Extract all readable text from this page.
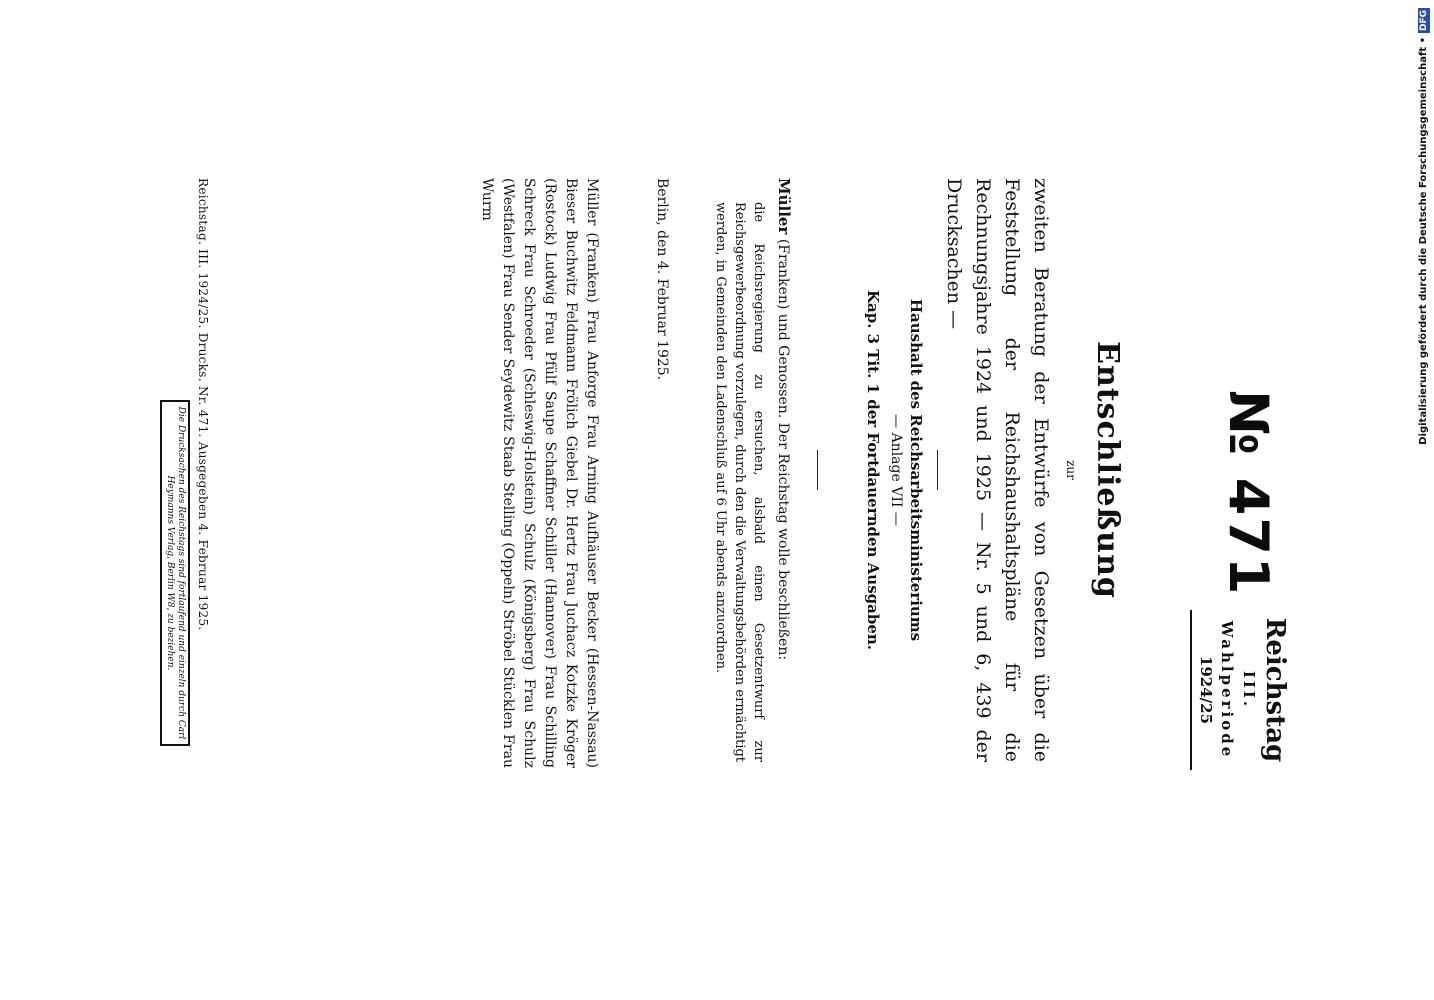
№ 471
Reichstag
III. Wahlperiode
1924/25
Entschließung
zur
zweiten Beratung der Entwürfe von Gesetzen über die Feststellung der Reichshaushaltspläne für die Rechnungsjahre 1924 und 1925 — Nr. 5 und 6, 439 der Drucksachen —
Haushalt des Reichsarbeitsministeriums
— Anlage VII —
Kap. 3 Tit. 1 der Fortdauernden Ausgaben.
Müller (Franken) und Genossen. Der Reichstag wolle beschließen:
die Reichsregierung zu ersuchen, alsbald einen Gesetzentwurf zur Reichsgewerbeordnung vorzulegen, durch den die Verwaltungsbehörden ermächtigt werden, in Gemeinden den Ladenschluß auf 6 Uhr abends anzuordnen.
Berlin, den 4. Februar 1925.
Müller (Franken) Frau Anforge Frau Arning Aufhäuser Becker (Hessen-Nassau) Bieser Buchwitz Feldmann Frölich Giebel Dr. Hertz Frau Juchacz Kotzke Kröger (Rostock) Ludwig Frau Pfülf Saupe Schaffner Schiller (Hannover) Frau Schilling Schreck Frau Schroeder (Schleswig-Holstein) Schulz (Königsberg) Frau Schulz (Westfalen) Frau Sender Seydewitz Staab Stelling (Oppeln) Ströbel Stücklen Frau Wurm
Reichstag. III. 1924/25. Drucks. Nr. 471. Ausgegeben 4. Februar 1925.
Die Drucksachen des Reichstags sind fortlaufend und einzeln durch Carl Heymanns Verlag, Berlin W8, zu beziehen.
Digitalisierung gefördert durch die Deutsche Forschungsgemeinschaft •
DFG
